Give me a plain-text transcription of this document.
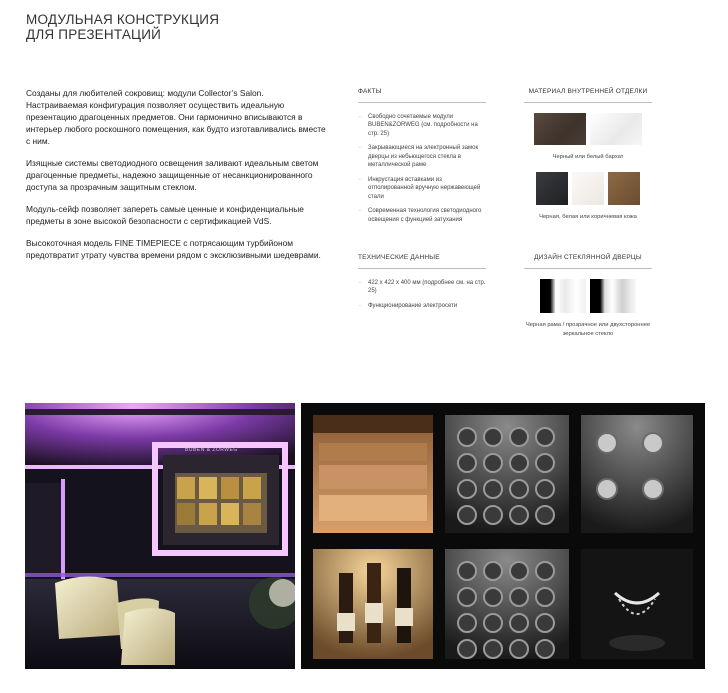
МОДУЛЬНАЯ КОНСТРУКЦИЯ
ДЛЯ ПРЕЗЕНТАЦИЙ

Созданы для любителей сокровищ: модули Collector’s Salon. Настраиваемая конфигурация позволяет осуществить идеальную презентацию драгоценных предметов. Они гармонично вписываются в интерьер любого роскошного помещения, как будто изготавливались вместе с ним.

Изящные системы светодиодного освещения заливают идеальным светом драгоценные предметы, надежно защищенные от несанкционированного доступа за прозрачным защитным стеклом.

Модуль-сейф позволяет запереть самые ценные и конфиденциальные предметы в зоне высокой безопасности с сертификацией VdS.

Высокоточная модель FINE TIMEPIECE с потрясающим турбийоном предотвратит утрату чувства времени рядом с эксклюзивными шедеврами.

ФАКТЫ
· Свободно сочетаемые модули BUBEN&ZORWEG (см. подробности на стр. 25)
· Закрывающиеся на электронный замок дверцы из небьющегося стекла в металлической раме
· Инкрустация вставками из отполированной вручную нержавеющей стали
· Современная технология светодиодного освещения с функцией затухания
ТЕХНИЧЕСКИЕ ДАННЫЕ
· 422 x 422 x 400 мм (подробнее см. на стр. 25)
· Функционирование электросети
МАТЕРИАЛ ВНУТРЕННЕЙ ОТДЕЛКИ
Черный или белый бархат
Черная, белая или коричневая кожа
ДИЗАЙН СТЕКЛЯННОЙ ДВЕРЦЫ
Черная рама / прозрачное или двухстороннее зеркальное стекло
BUBEN & ZORWEG
